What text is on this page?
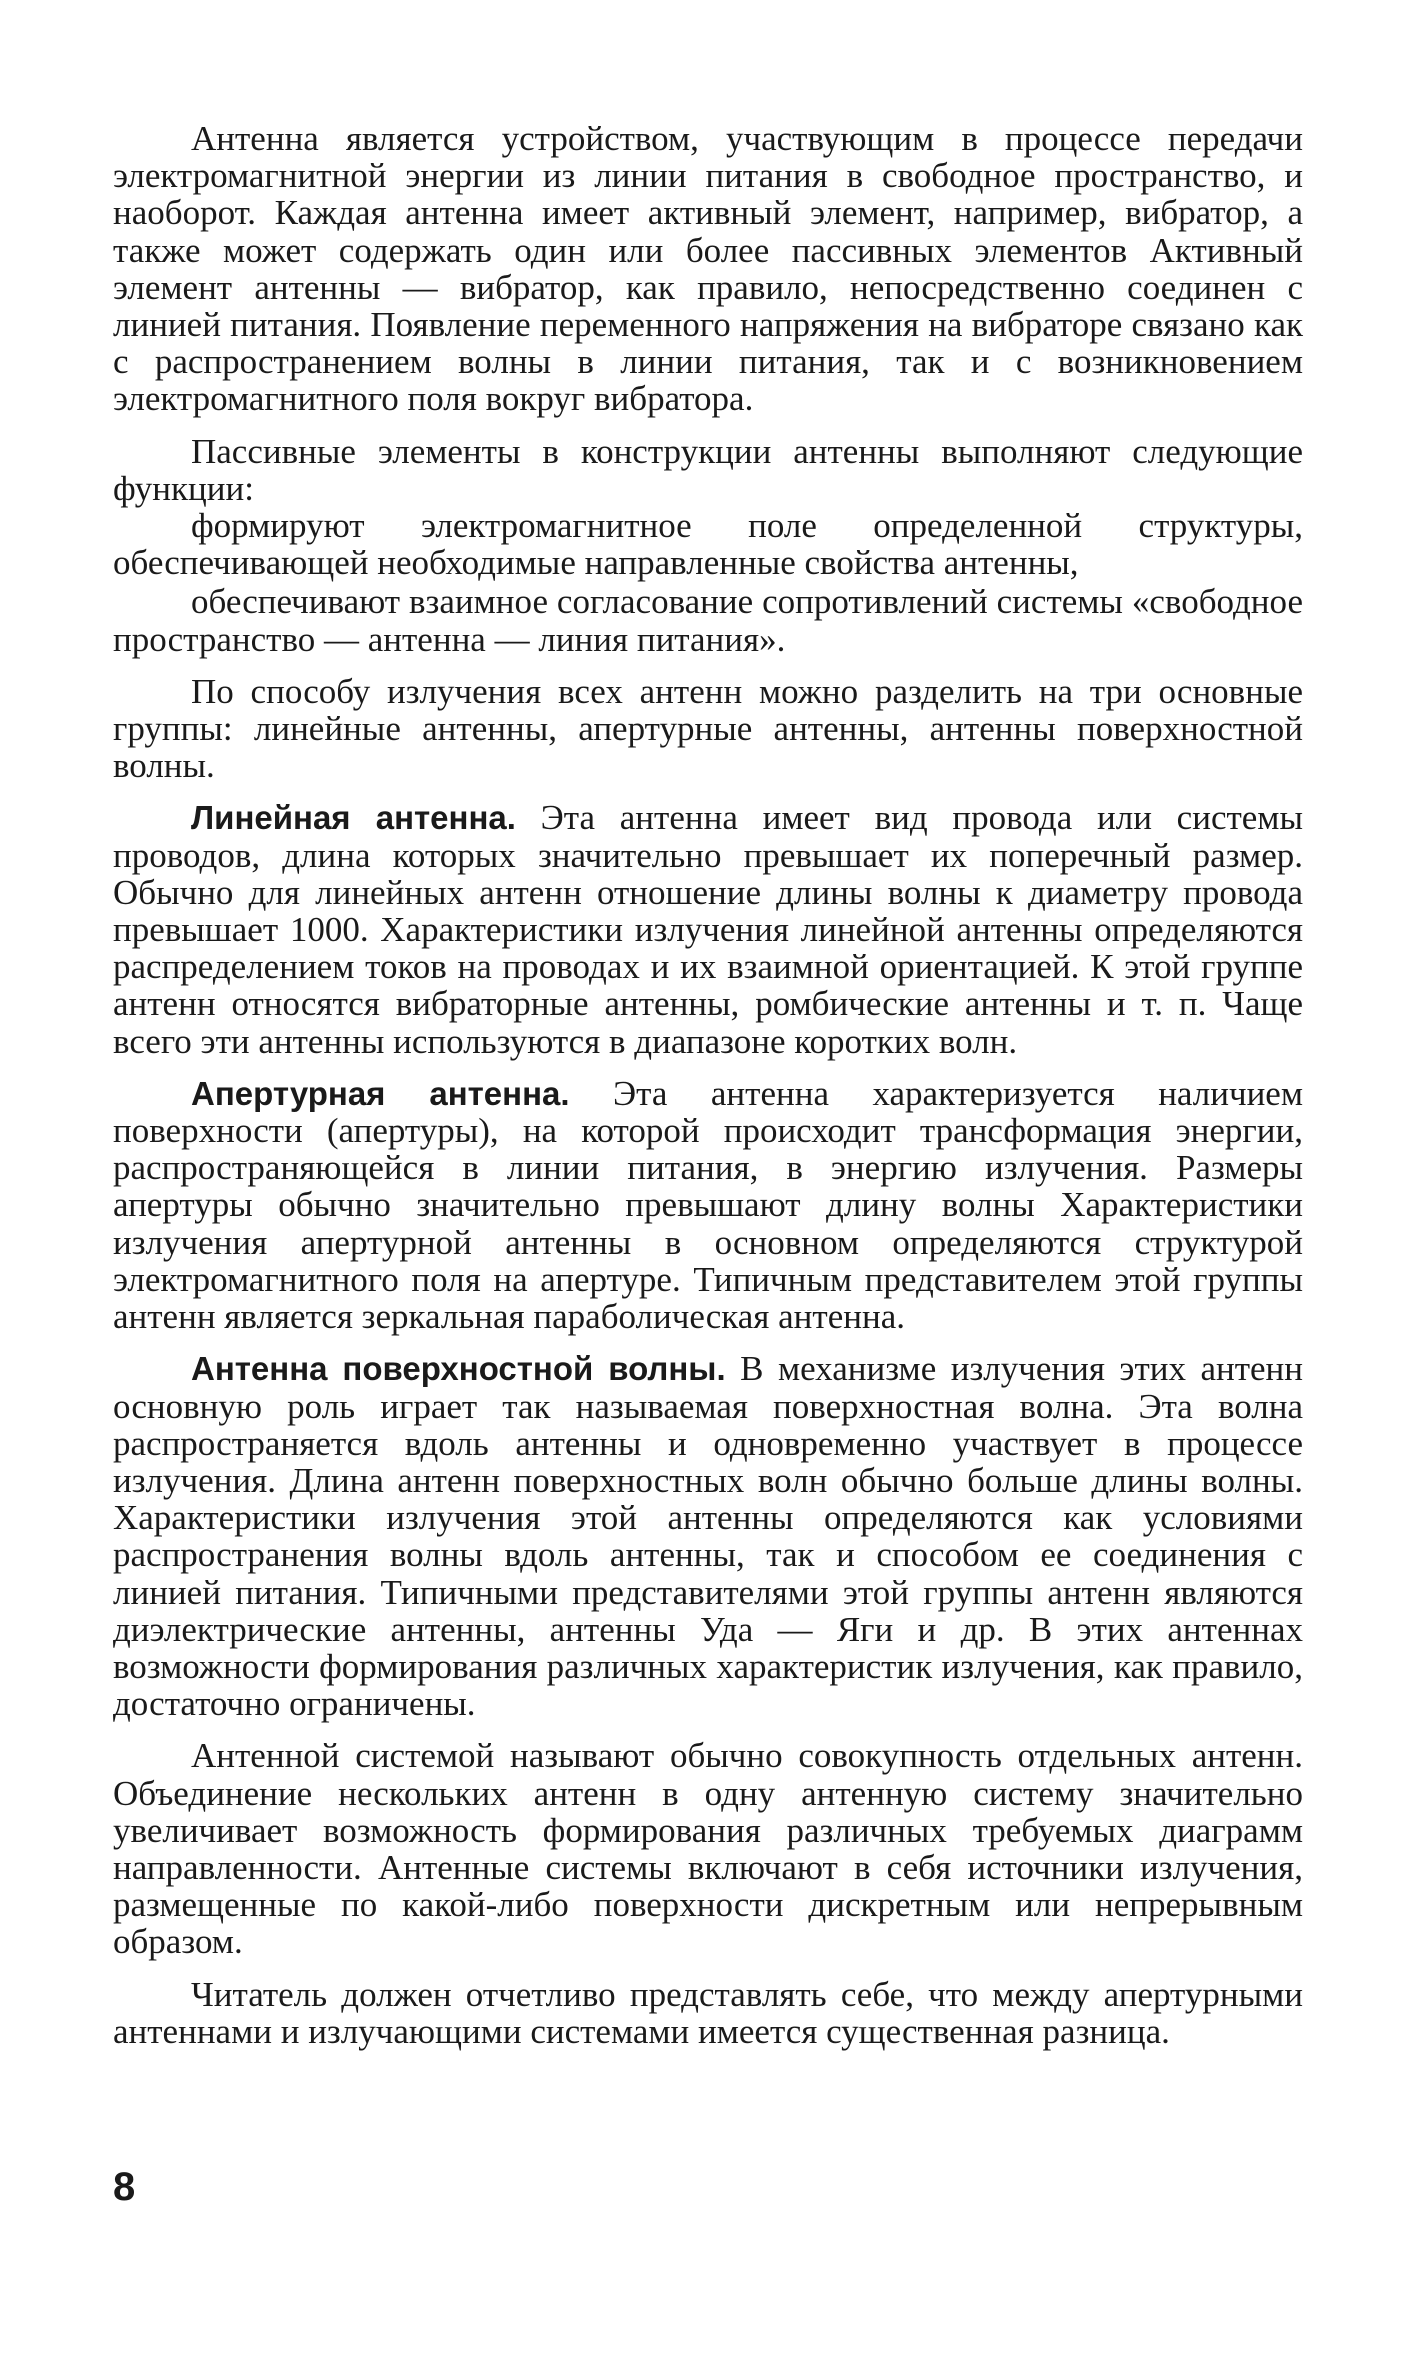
Антенна является устройством, участвующим в процессе передачи электромагнитной энергии из линии питания в свободное пространство, и наоборот. Каждая антенна имеет активный элемент, например, вибратор, а также может содержать один или более пассивных элементов Активный элемент антенны — вибратор, как правило, непосредственно соединен с линией питания. Появление переменного напряжения на вибраторе связано как с распространением волны в линии питания, так и с возникновением электромагнитного поля вокруг вибратора.

Пассивные элементы в конструкции антенны выполняют следующие функции:

формируют электромагнитное поле определенной структуры, обеспечивающей необходимые направленные свойства антенны,

обеспечивают взаимное согласование сопротивлений системы «свободное пространство — антенна — линия питания».

По способу излучения всех антенн можно разделить на три основные группы: линейные антенны, апертурные антенны, антенны поверхностной волны.

Линейная антенна. Эта антенна имеет вид провода или системы проводов, длина которых значительно превышает их поперечный размер. Обычно для линейных антенн отношение длины волны к диаметру провода превышает 1000. Характеристики излучения линейной антенны определяются распределением токов на проводах и их взаимной ориентацией. К этой группе антенн относятся вибраторные антенны, ромбические антенны и т. п. Чаще всего эти антенны используются в диапазоне коротких волн.

Апертурная антенна. Эта антенна характеризуется наличием поверхности (апертуры), на которой происходит трансформация энергии, распространяющейся в линии питания, в энергию излучения. Размеры апертуры обычно значительно превышают длину волны Характеристики излучения апертурной антенны в основном определяются структурой электромагнитного поля на апертуре. Типичным представителем этой группы антенн является зеркальная параболическая антенна.

Антенна поверхностной волны. В механизме излучения этих антенн основную роль играет так называемая поверхностная волна. Эта волна распространяется вдоль антенны и одновременно участвует в процессе излучения. Длина антенн поверхностных волн обычно больше длины волны. Характеристики излучения этой антенны определяются как условиями распространения волны вдоль антенны, так и способом ее соединения с линией питания. Типичными представителями этой группы антенн являются диэлектрические антенны, антенны Уда — Яги и др. В этих антеннах возможности формирования различных характеристик излучения, как правило, достаточно ограничены.

Антенной системой называют обычно совокупность отдельных антенн. Объединение нескольких антенн в одну антенную систему значительно увеличивает возможность формирования различных требуемых диаграмм направленности. Антенные системы включают в себя источники излучения, размещенные по какой-либо поверхности дискретным или непрерывным образом.

Читатель должен отчетливо представлять себе, что между апертурными антеннами и излучающими системами имеется существенная разница.

8
